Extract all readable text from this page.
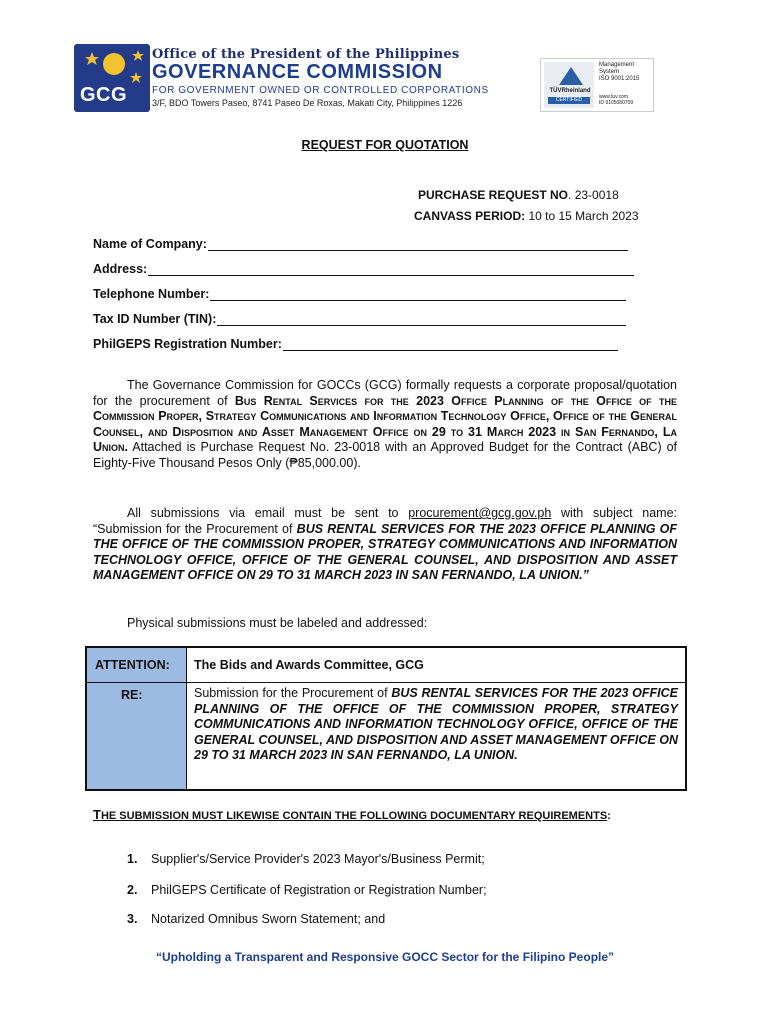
GCG
Office of the President of the Philippines
GOVERNANCE COMMISSION
FOR GOVERNMENT OWNED OR CONTROLLED CORPORATIONS
3/F, BDO Towers Paseo, 8741 Paseo De Roxas, Makati City, Philippines 1226
TÜVRheinland
CERTIFIED
Management
System
ISO 9001:2015
www.tuv.com
ID 9105080709
REQUEST FOR QUOTATION
PURCHASE REQUEST NO. 23-0018
CANVASS PERIOD: 10 to 15 March 2023
Name of Company:
Address:
Telephone Number:
Tax ID Number (TIN):
PhilGEPS Registration Number:
The Governance Commission for GOCCs (GCG) formally requests a corporate proposal/quotation for the procurement of Bus Rental Services for the 2023 Office Planning of the Office of the Commission Proper, Strategy Communications and Information Technology Office, Office of the General Counsel, and Disposition and Asset Management Office on 29 to 31 March 2023 in San Fernando, La Union. Attached is Purchase Request No. 23-0018 with an Approved Budget for the Contract (ABC) of Eighty-Five Thousand Pesos Only (₱85,000.00).
All submissions via email must be sent to procurement@gcg.gov.ph with subject name: “Submission for the Procurement of BUS RENTAL SERVICES FOR THE 2023 OFFICE PLANNING OF THE OFFICE OF THE COMMISSION PROPER, STRATEGY COMMUNICATIONS AND INFORMATION TECHNOLOGY OFFICE, OFFICE OF THE GENERAL COUNSEL, AND DISPOSITION AND ASSET MANAGEMENT OFFICE ON 29 TO 31 MARCH 2023 IN SAN FERNANDO, LA UNION.”
Physical submissions must be labeled and addressed:
ATTENTION: The Bids and Awards Committee, GCG
RE:	Submission for the Procurement of BUS RENTAL SERVICES FOR THE 2023 OFFICE PLANNING OF THE OFFICE OF THE COMMISSION PROPER, STRATEGY COMMUNICATIONS AND INFORMATION TECHNOLOGY OFFICE, OFFICE OF THE GENERAL COUNSEL, AND DISPOSITION AND ASSET MANAGEMENT OFFICE ON 29 TO 31 MARCH 2023 IN SAN FERNANDO, LA UNION.
THE SUBMISSION MUST LIKEWISE CONTAIN THE FOLLOWING DOCUMENTARY REQUIREMENTS:
1. Supplier's/Service Provider's 2023 Mayor's/Business Permit;
2. PhilGEPS Certificate of Registration or Registration Number;
3. Notarized Omnibus Sworn Statement; and
“Upholding a Transparent and Responsive GOCC Sector for the Filipino People”
